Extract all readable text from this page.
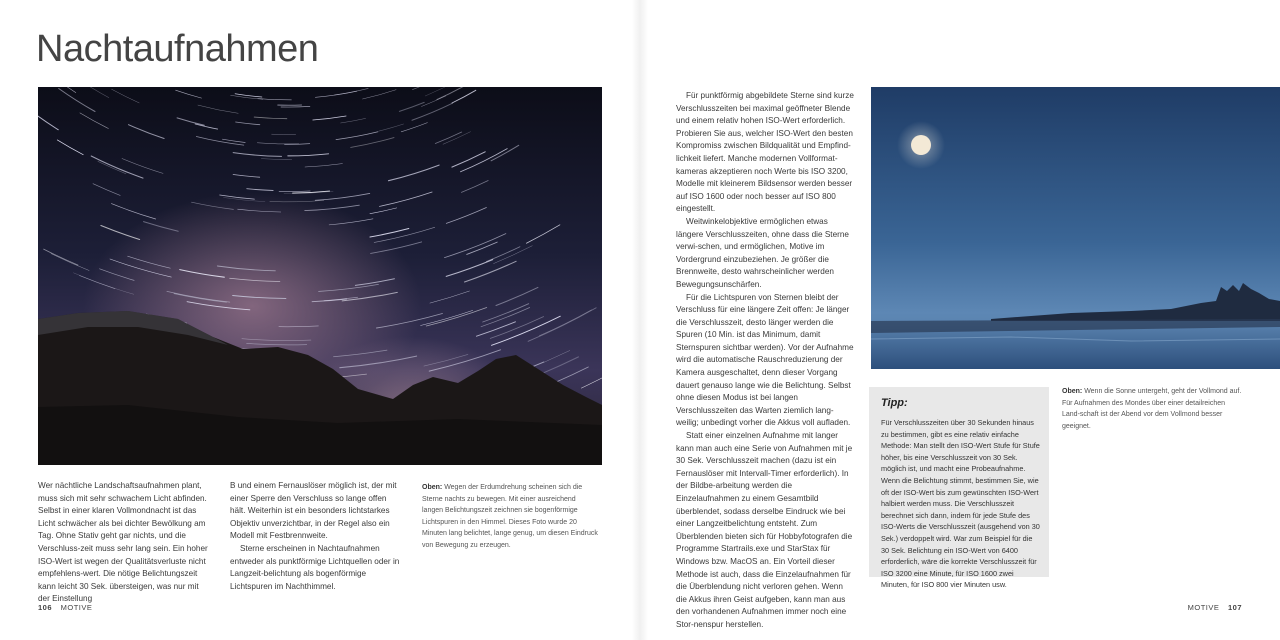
Nachtaufnahmen

Wer nächtliche Landschaftsaufnahmen plant, muss sich mit sehr schwachem Licht abfinden. Selbst in einer klaren Vollmondnacht ist das Licht schwächer als bei dichter Bewölkung am Tag. Ohne Stativ geht gar nichts, und die Verschluss-zeit muss sehr lang sein. Ein hoher ISO-Wert ist wegen der Qualitätsverluste nicht empfehlens-wert. Die nötige Belichtungszeit kann leicht 30 Sek. übersteigen, was nur mit der Einstellung

B und einem Fernauslöser möglich ist, der mit einer Sperre den Verschluss so lange offen hält. Weiterhin ist ein besonders lichtstarkes Objektiv unverzichtbar, in der Regel also ein Modell mit Festbrennweite.

Sterne erscheinen in Nachtaufnahmen entweder als punktförmige Lichtquellen oder in Langzeit-belichtung als bogenförmige Lichtspuren im Nachthimmel.

Oben: Wegen der Erdumdrehung scheinen sich die Sterne nachts zu bewegen. Mit einer ausreichend langen Belichtungszeit zeichnen sie bogenförmige Lichtspuren in den Himmel. Dieses Foto wurde 20 Minuten lang belichtet, lange genug, um diesen Eindruck von Bewegung zu erzeugen.
106 MOTIVE

Für punktförmig abgebildete Sterne sind kurze Verschlusszeiten bei maximal geöffneter Blende und einem relativ hohen ISO-Wert erforderlich. Probieren Sie aus, welcher ISO-Wert den besten Kompromiss zwischen Bildqualität und Empfind-lichkeit liefert. Manche modernen Vollformat-kameras akzeptieren noch Werte bis ISO 3200, Modelle mit kleinerem Bildsensor werden besser auf ISO 1600 oder noch besser auf ISO 800 eingestellt.

Weitwinkelobjektive ermöglichen etwas längere Verschlusszeiten, ohne dass die Sterne verwi-schen, und ermöglichen, Motive im Vordergrund einzubeziehen. Je größer die Brennweite, desto wahrscheinlicher werden Bewegungsunschärfen.

Für die Lichtspuren von Sternen bleibt der Verschluss für eine längere Zeit offen: Je länger die Verschlusszeit, desto länger werden die Spuren (10 Min. ist das Minimum, damit Sternspuren sichtbar werden). Vor der Aufnahme wird die automatische Rauschreduzierung der Kamera ausgeschaltet, denn dieser Vorgang dauert genauso lange wie die Belichtung. Selbst ohne diesen Modus ist bei langen Verschlusszeiten das Warten ziemlich lang-weilig; unbedingt vorher die Akkus voll aufladen.

Statt einer einzelnen Aufnahme mit langer kann man auch eine Serie von Aufnahmen mit je 30 Sek. Verschlusszeit machen (dazu ist ein Fernauslöser mit Intervall-Timer erforderlich). In der Bildbe-arbeitung werden die Einzelaufnahmen zu einem Gesamtbild überblendet, sodass derselbe Eindruck wie bei einer Langzeitbelichtung entsteht. Zum Überblenden bieten sich für Hobbyfotografen die Programme Startrails.exe und StarStax für Windows bzw. MacOS an. Ein Vorteil dieser Methode ist auch, dass die Einzelaufnahmen für die Überblendung nicht verloren gehen. Wenn die Akkus ihren Geist aufgeben, kann man aus den vorhandenen Aufnahmen immer noch eine Stor-nenspur herstellen.

Tipp:
Für Verschlusszeiten über 30 Sekunden hinaus zu bestimmen, gibt es eine relativ einfache Methode: Man stellt den ISO-Wert Stufe für Stufe höher, bis eine Verschlusszeit von 30 Sek. möglich ist, und macht eine Probeaufnahme. Wenn die Belichtung stimmt, bestimmen Sie, wie oft der ISO-Wert bis zum gewünschten ISO-Wert halbiert werden muss. Die Verschlusszeit berechnet sich dann, indem für jede Stufe des ISO-Werts die Verschlusszeit (ausgehend von 30 Sek.) verdoppelt wird. War zum Beispiel für die 30 Sek. Belichtung ein ISO-Wert von 6400 erforderlich, wäre die korrekte Verschlusszeit für ISO 3200 eine Minute, für ISO 1600 zwei Minuten, für ISO 800 vier Minuten usw.
Oben: Wenn die Sonne untergeht, geht der Vollmond auf. Für Aufnahmen des Mondes über einer detailreichen Land-schaft ist der Abend vor dem Vollmond besser geeignet.
MOTIVE 107
